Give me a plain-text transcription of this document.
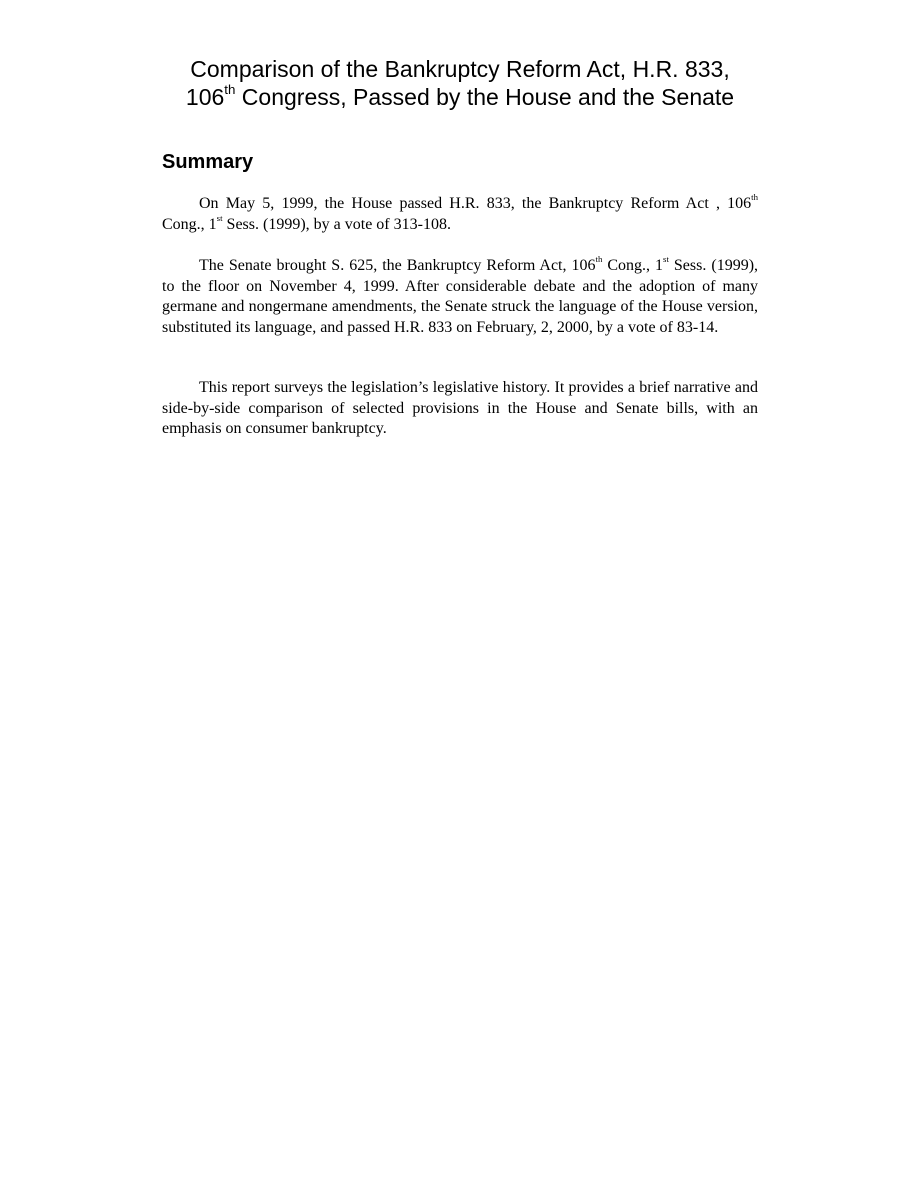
Comparison of the Bankruptcy Reform Act, H.R. 833,
106th Congress, Passed by the House and the Senate
Summary

On May 5, 1999, the House passed H.R. 833, the Bankruptcy Reform Act , 106th Cong., 1st Sess. (1999), by a vote of 313-108.

The Senate brought S. 625, the Bankruptcy Reform Act, 106th Cong., 1st Sess. (1999), to the floor on November 4, 1999. After considerable debate and the adoption of many germane and nongermane amendments, the Senate struck the language of the House version, substituted its language, and passed H.R. 833 on February, 2, 2000, by a vote of 83-14.

This report surveys the legislation’s legislative history. It provides a brief narrative and side-by-side comparison of selected provisions in the House and Senate bills, with an emphasis on consumer bankruptcy.
